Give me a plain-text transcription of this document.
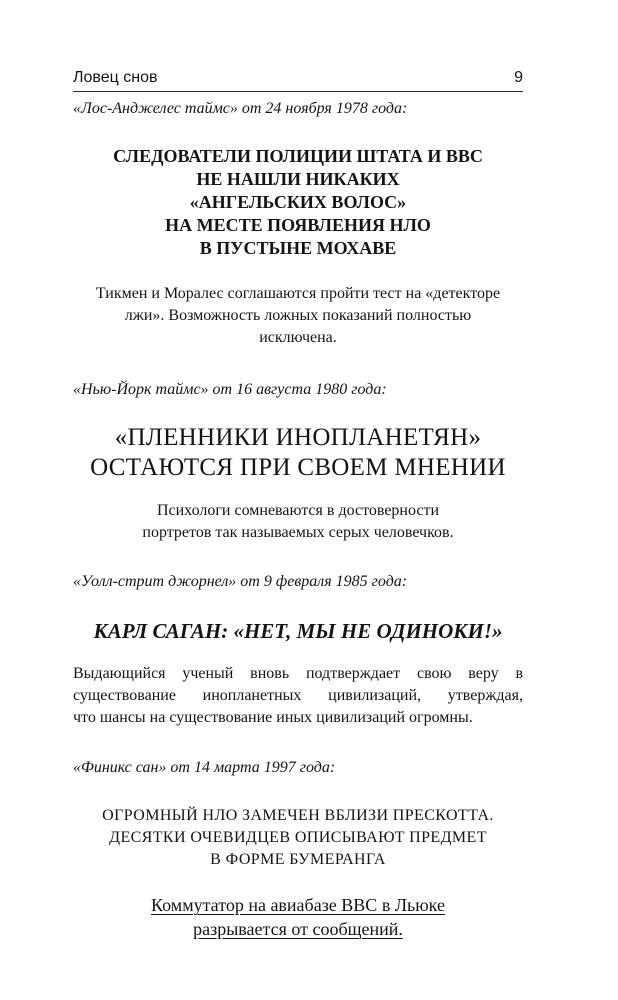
Ловец снов	9

«Лос-Анджелес таймс» от 24 ноября 1978 года:

СЛЕДОВАТЕЛИ ПОЛИЦИИ ШТАТА И ВВС
НЕ НАШЛИ НИКАКИХ
«АНГЕЛЬСКИХ ВОЛОС»
НА МЕСТЕ ПОЯВЛЕНИЯ НЛО
В ПУСТЫНЕ МОХАВЕ
Тикмен и Моралес соглашаются пройти тест на «детекторе
лжи». Возможность ложных показаний полностью
исключена.

«Нью-Йорк таймс» от 16 августа 1980 года:

«ПЛЕННИКИ ИНОПЛАНЕТЯН»
ОСТАЮТСЯ ПРИ СВОЕМ МНЕНИИ
Психологи сомневаются в достоверности
портретов так называемых серых человечков.

«Уолл-стрит джорнел» от 9 февраля 1985 года:

КАРЛ САГАН: «НЕТ, МЫ НЕ ОДИНОКИ!»
Выдающийся ученый вновь подтверждает свою веру в
существование инопланетных цивилизаций, утверждая,
что шансы на существование иных цивилизаций огромны.

«Финикс сан» от 14 марта 1997 года:

ОГРОМНЫЙ НЛО ЗАМЕЧЕН ВБЛИЗИ ПРЕСКОТТА.
ДЕСЯТКИ ОЧЕВИДЦЕВ ОПИСЫВАЮТ ПРЕДМЕТ
В ФОРМЕ БУМЕРАНГА
Коммутатор на авиабазе ВВС в Льюке
разрывается от сообщений.
